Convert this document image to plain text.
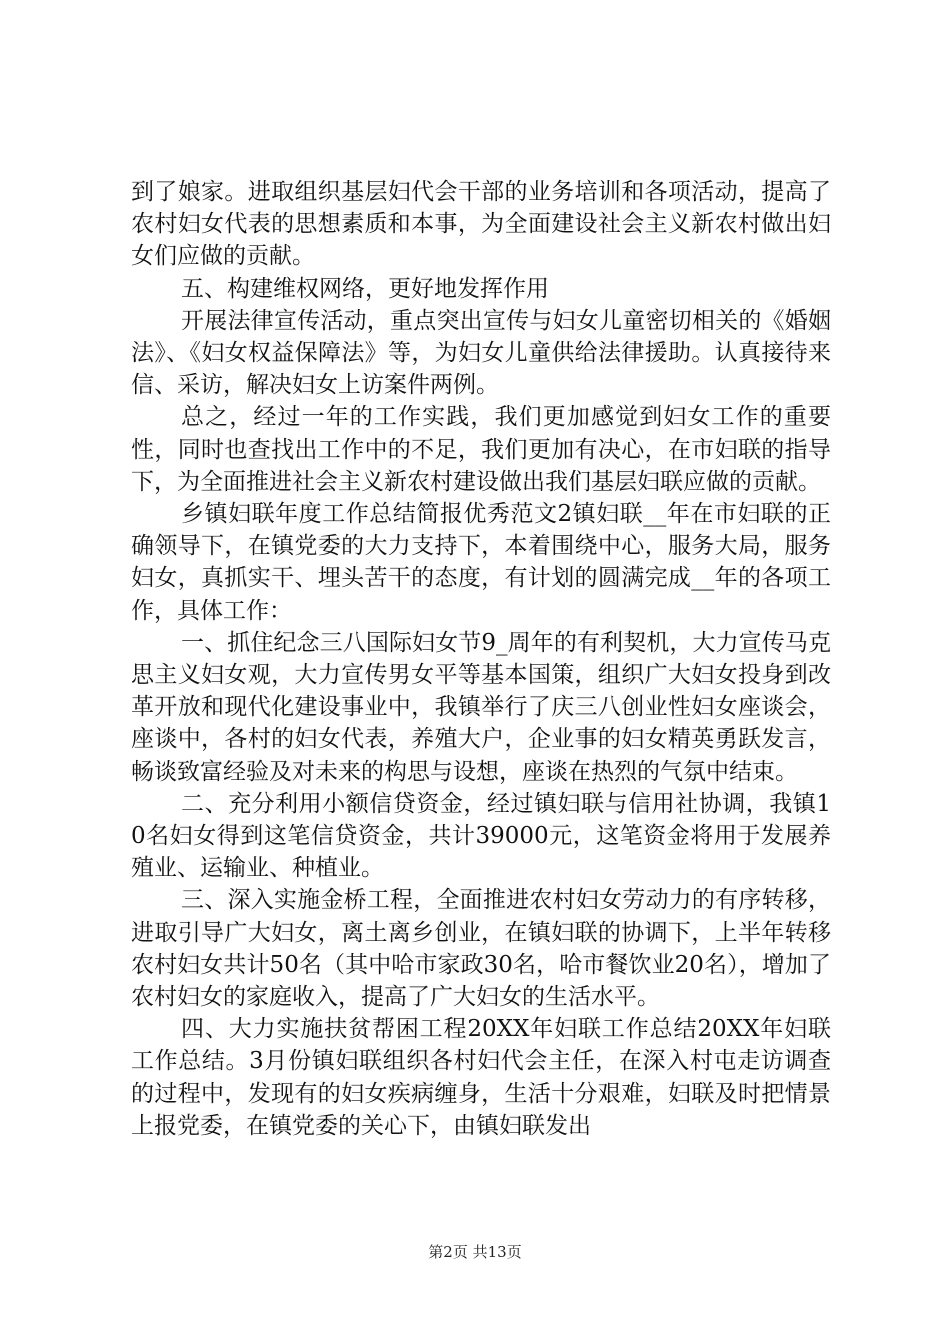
到了娘家。进取组织基层妇代会干部的业务培训和各项活动，提高了农村妇女代表的思想素质和本事，为全面建设社会主义新农村做出妇女们应做的贡献。

五、构建维权网络，更好地发挥作用

开展法律宣传活动，重点突出宣传与妇女儿童密切相关的《婚姻法》、《妇女权益保障法》等，为妇女儿童供给法律援助。认真接待来信、采访，解决妇女上访案件两例。

总之，经过一年的工作实践，我们更加感觉到妇女工作的重要性，同时也查找出工作中的不足，我们更加有决心，在市妇联的指导下，为全面推进社会主义新农村建设做出我们基层妇联应做的贡献。

乡镇妇联年度工作总结简报优秀范文2镇妇联__年在市妇联的正确领导下，在镇党委的大力支持下，本着围绕中心，服务大局，服务妇女，真抓实干、埋头苦干的态度，有计划的圆满完成__年的各项工作，具体工作：

一、抓住纪念三八国际妇女节9_周年的有利契机，大力宣传马克思主义妇女观，大力宣传男女平等基本国策，组织广大妇女投身到改革开放和现代化建设事业中，我镇举行了庆三八创业性妇女座谈会，座谈中，各村的妇女代表，养殖大户，企业事的妇女精英勇跃发言，畅谈致富经验及对未来的构思与设想，座谈在热烈的气氛中结束。

二、充分利用小额信贷资金，经过镇妇联与信用社协调，我镇10名妇女得到这笔信贷资金，共计39000元，这笔资金将用于发展养殖业、运输业、种植业。

三、深入实施金桥工程，全面推进农村妇女劳动力的有序转移，进取引导广大妇女，离土离乡创业，在镇妇联的协调下，上半年转移农村妇女共计50名（其中哈市家政30名，哈市餐饮业20名），增加了农村妇女的家庭收入，提高了广大妇女的生活水平。

四、大力实施扶贫帮困工程20XX年妇联工作总结20XX年妇联工作总结。3月份镇妇联组织各村妇代会主任，在深入村屯走访调查的过程中，发现有的妇女疾病缠身，生活十分艰难，妇联及时把情景上报党委，在镇党委的关心下，由镇妇联发出

第2页 共13页
